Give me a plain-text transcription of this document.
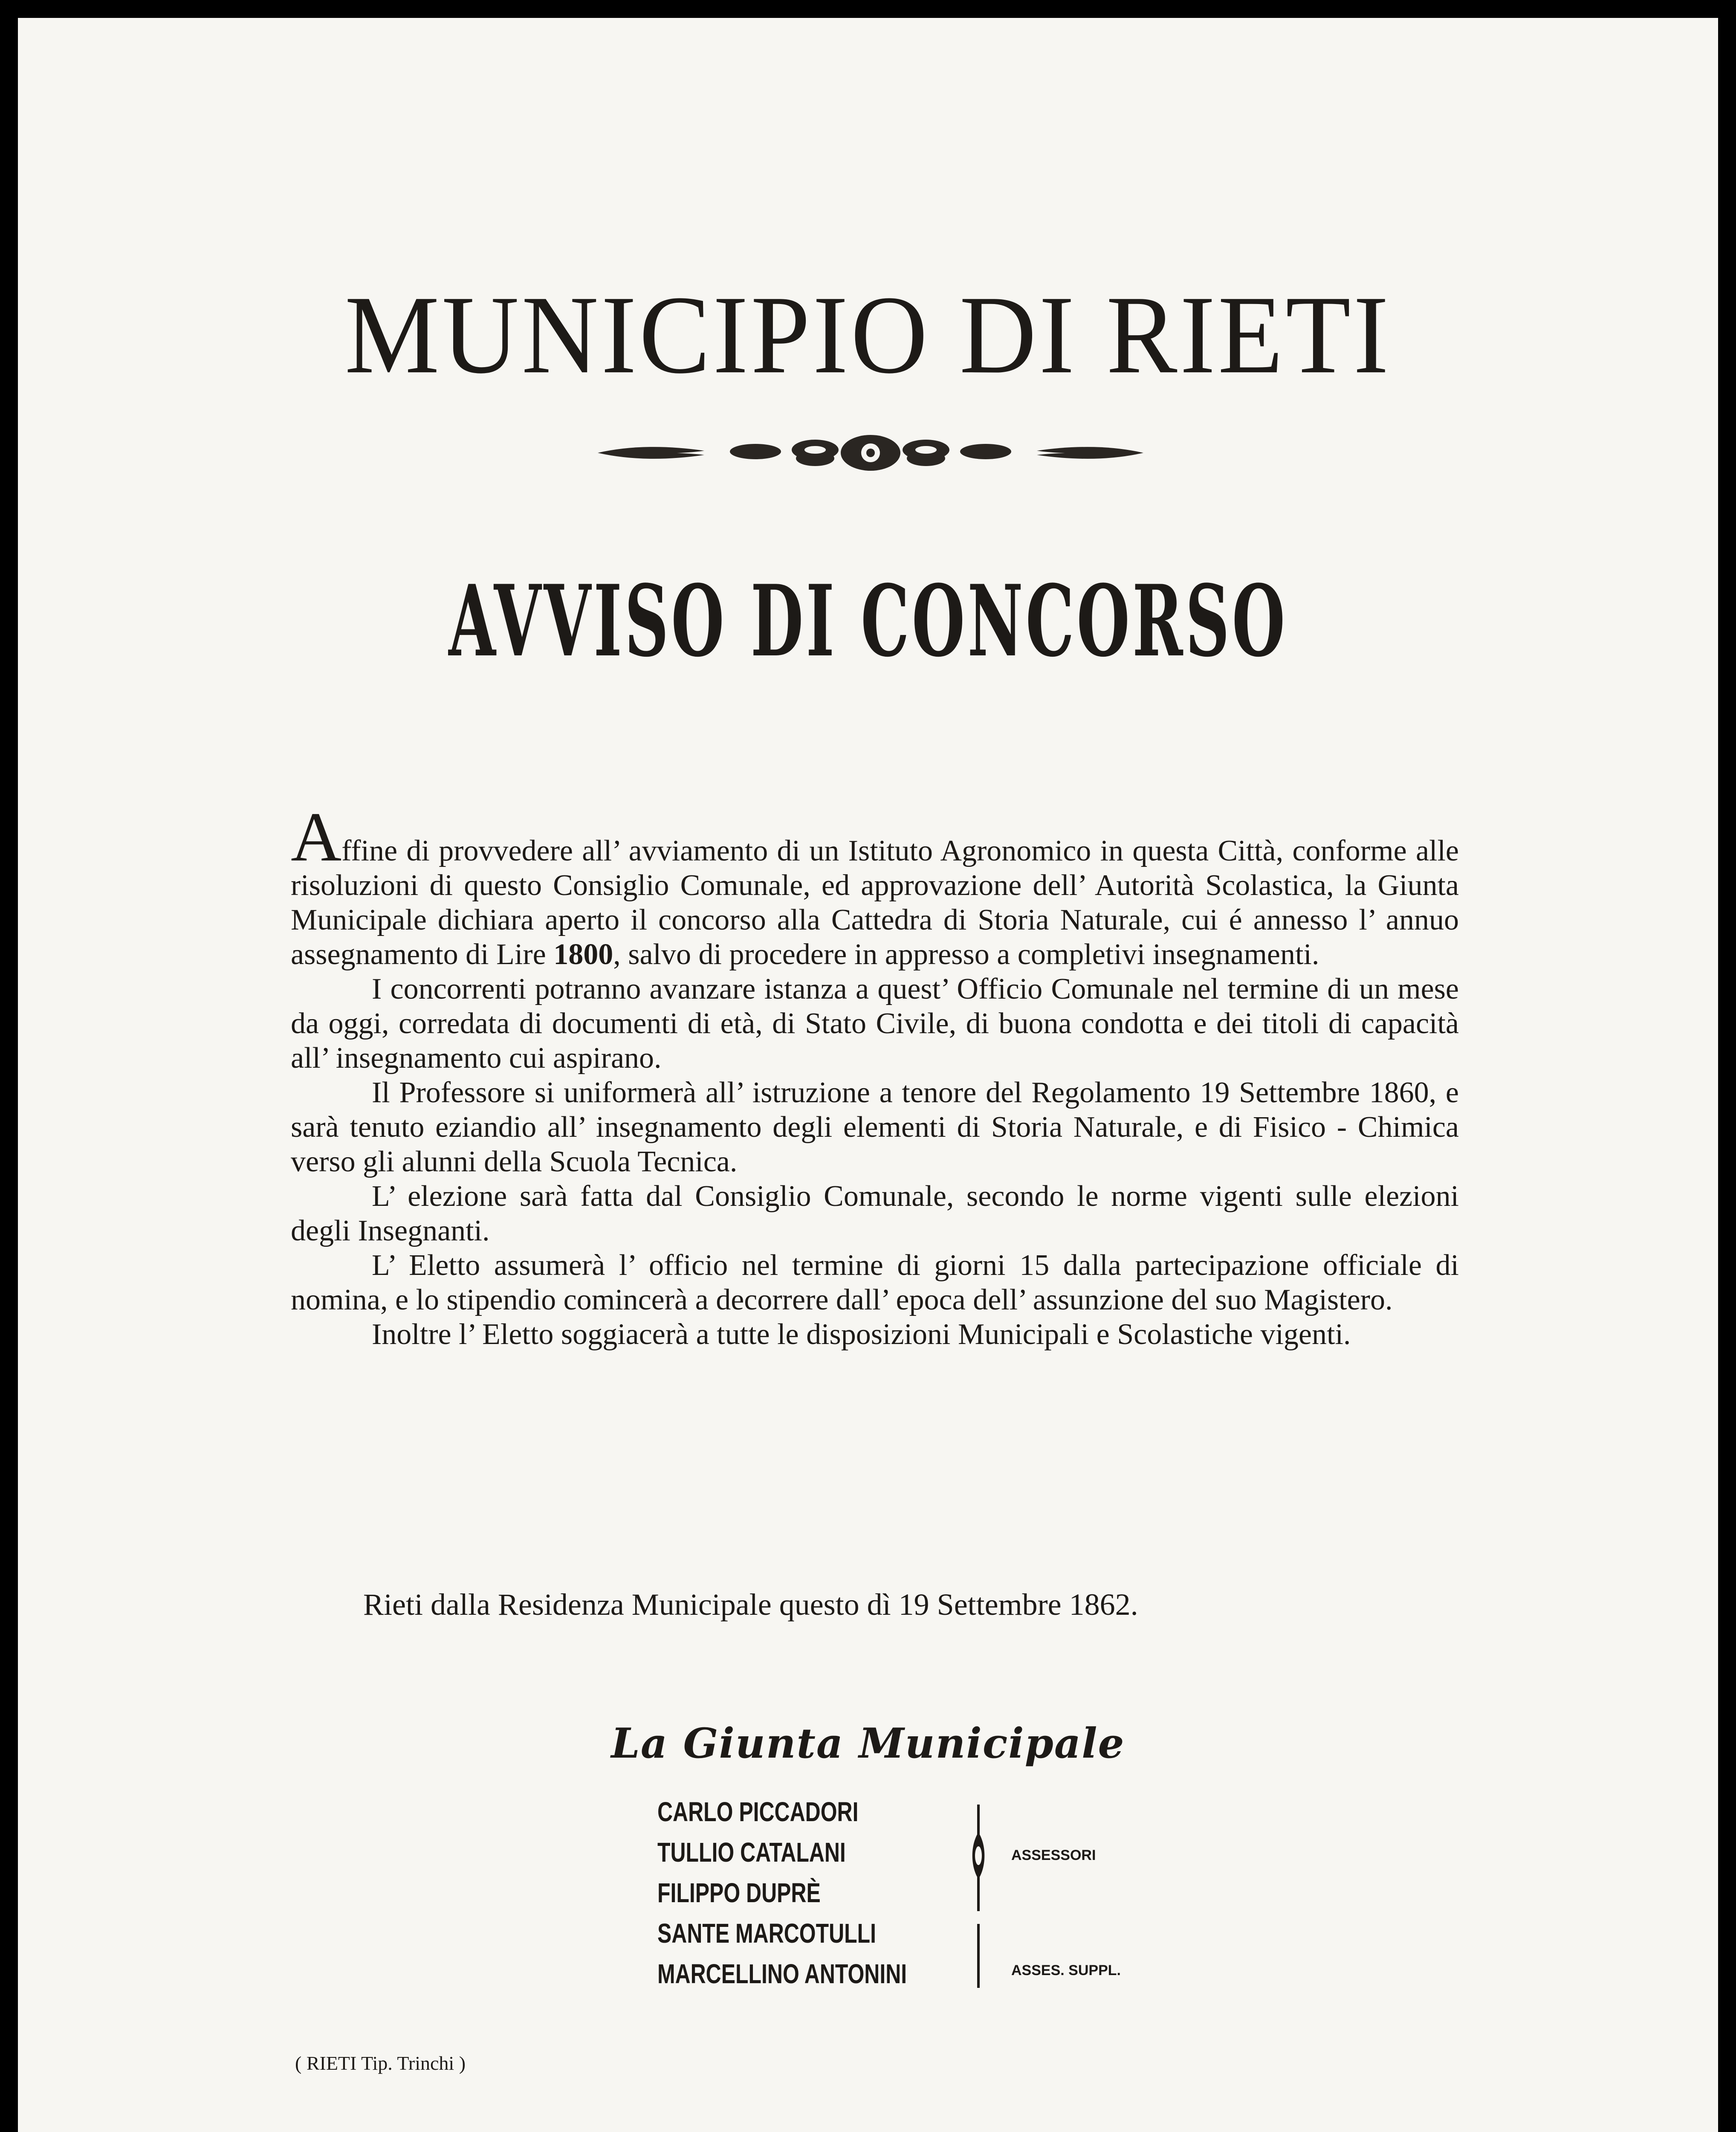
MUNICIPIO DI RIETI
AVVISO DI CONCORSO

Affine di provvedere all’ avviamento di un Istituto Agronomico in questa Città, conforme alle risoluzioni di questo Consiglio Comunale, ed approvazione dell’ Autorità Scolastica, la Giunta Municipale dichiara aperto il concorso alla Cattedra di Storia Naturale, cui é annesso l’ annuo assegnamento di Lire 1800, salvo di procedere in appresso a completivi insegnamenti.

I concorrenti potranno avanzare istanza a quest’ Officio Comunale nel termine di un mese da oggi, corredata di documenti di età, di Stato Civile, di buona condotta e dei titoli di capacità all’ insegnamento cui aspirano.

Il Professore si uniformerà all’ istruzione a tenore del Regolamento 19 Settembre 1860, e sarà tenuto eziandio all’ insegnamento degli elementi di Storia Naturale, e di Fisico - Chimica verso gli alunni della Scuola Tecnica.

L’ elezione sarà fatta dal Consiglio Comunale, secondo le norme vigenti sulle elezioni degli Insegnanti.

L’ Eletto assumerà l’ officio nel termine di giorni 15 dalla partecipazione officiale di nomina, e lo stipendio comincerà a decorrere dall’ epoca dell’ assunzione del suo Magistero.

Inoltre l’ Eletto soggiacerà a tutte le disposizioni Municipali e Scolastiche vigenti.

Rieti dalla Residenza Municipale questo dì 19 Settembre 1862.
La Giunta Municipale
CARLO PICCADORI
TULLIO CATALANI
FILIPPO DUPRÈ
SANTE MARCOTULLI
MARCELLINO ANTONINI
ASSESSORI
ASSES. SUPPL.
( RIETI Tip. Trinchi )
